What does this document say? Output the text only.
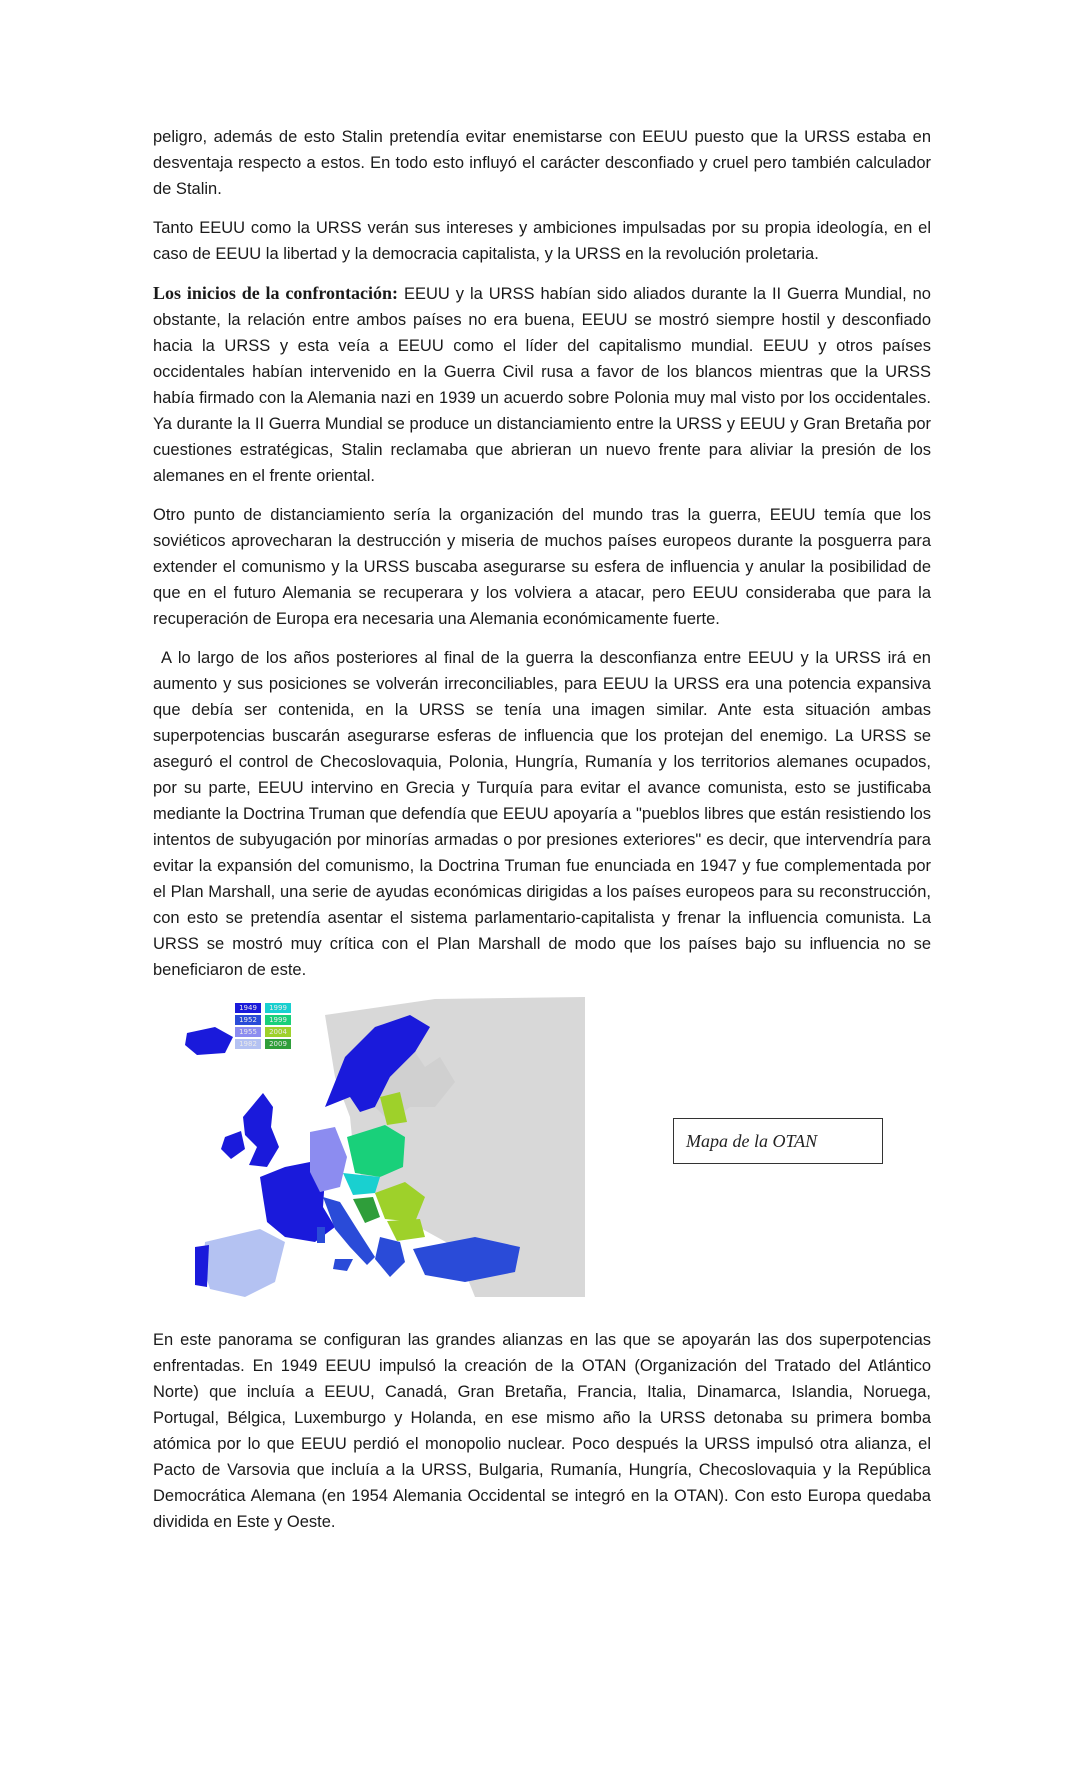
peligro, además de esto Stalin pretendía evitar enemistarse con EEUU puesto que la URSS estaba en desventaja respecto a estos. En todo esto influyó el carácter desconfiado y cruel pero también calculador de Stalin.

Tanto EEUU como la URSS verán sus intereses y ambiciones impulsadas por su propia ideología, en el caso de EEUU la libertad y la democracia capitalista, y la URSS en la revolución proletaria.

Los inicios de la confrontación: EEUU y la URSS habían sido aliados durante la II Guerra Mundial, no obstante, la relación entre ambos países no era buena, EEUU se mostró siempre hostil y desconfiado hacia la URSS y esta veía a EEUU como el líder del capitalismo mundial. EEUU y otros países occidentales habían intervenido en la Guerra Civil rusa a favor de los blancos mientras que la URSS había firmado con la Alemania nazi en 1939 un acuerdo sobre Polonia muy mal visto por los occidentales. Ya durante la II Guerra Mundial se produce un distanciamiento entre la URSS y EEUU y Gran Bretaña por cuestiones estratégicas, Stalin reclamaba que abrieran un nuevo frente para aliviar la presión de los alemanes en el frente oriental.

Otro punto de distanciamiento sería la organización del mundo tras la guerra, EEUU temía que los soviéticos aprovecharan la destrucción y miseria de muchos países europeos durante la posguerra para extender el comunismo y la URSS buscaba asegurarse su esfera de influencia y anular la posibilidad de que en el futuro Alemania se recuperara y los volviera a atacar, pero EEUU consideraba que para la recuperación de Europa era necesaria una Alemania económicamente fuerte.

A lo largo de los años posteriores al final de la guerra la desconfianza entre EEUU y la URSS irá en aumento y sus posiciones se volverán irreconciliables, para EEUU la URSS era una potencia expansiva que debía ser contenida, en la URSS se tenía una imagen similar. Ante esta situación ambas superpotencias buscarán asegurarse esferas de influencia que los protejan del enemigo. La URSS se aseguró el control de Checoslovaquia, Polonia, Hungría, Rumanía y los territorios alemanes ocupados, por su parte, EEUU intervino en Grecia y Turquía para evitar el avance comunista, esto se justificaba mediante la Doctrina Truman que defendía que EEUU apoyaría a "pueblos libres que están resistiendo los intentos de subyugación por minorías armadas o por presiones exteriores" es decir, que intervendría para evitar la expansión del comunismo, la Doctrina Truman fue enunciada en 1947 y fue complementada por el Plan Marshall, una serie de ayudas económicas dirigidas a los países europeos para su reconstrucción, con esto se pretendía asentar el sistema parlamentario-capitalista y frenar la influencia comunista. La URSS se mostró muy crítica con el Plan Marshall de modo que los países bajo su influencia no se beneficiaron de este.

1949
1952
1955
1982
1999
1999
2004
2009
Mapa de la OTAN

En este panorama se configuran las grandes alianzas en las que se apoyarán las dos superpotencias enfrentadas. En 1949 EEUU impulsó la creación de la OTAN (Organización del Tratado del Atlántico Norte) que incluía a EEUU, Canadá, Gran Bretaña, Francia, Italia, Dinamarca, Islandia, Noruega, Portugal, Bélgica, Luxemburgo y Holanda, en ese mismo año la URSS detonaba su primera bomba atómica por lo que EEUU perdió el monopolio nuclear. Poco después la URSS impulsó otra alianza, el Pacto de Varsovia que incluía a la URSS, Bulgaria, Rumanía, Hungría, Checoslovaquia y la República Democrática Alemana (en 1954 Alemania Occidental se integró en la OTAN). Con esto Europa quedaba dividida en Este y Oeste.
